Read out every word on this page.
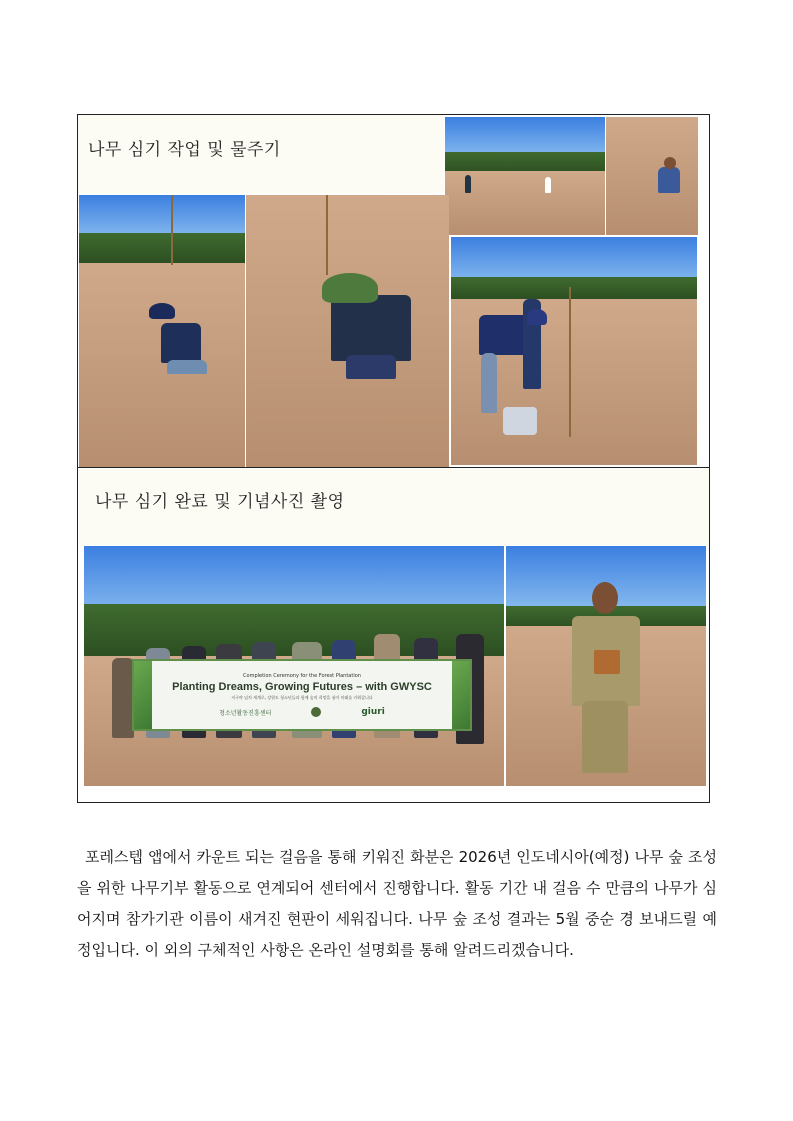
나무 심기 작업 및 물주기
나무 심기 완료 및 기념사진 촬영
Completion Ceremony for the Forest Plantation
Planting Dreams, Growing Futures – with GWYSC
지구야 넘치 세계로, 강원도 청소년들과 함께 숲의 희망을 심어 미래를 키워갑니다
청소년활동진흥센터	giuri

포레스텝 앱에서 카운트 되는 걸음을 통해 키워진 화분은 2026년 인도네시아(예정) 나무 숲 조성을 위한 나무기부 활동으로 연계되어 센터에서 진행합니다. 활동 기간 내 걸음 수 만큼의 나무가 심어지며 참가기관 이름이 새겨진 현판이 세워집니다. 나무 숲 조성 결과는 5월 중순 경 보내드릴 예정입니다. 이 외의 구체적인 사항은 온라인 설명회를 통해 알려드리겠습니다.
